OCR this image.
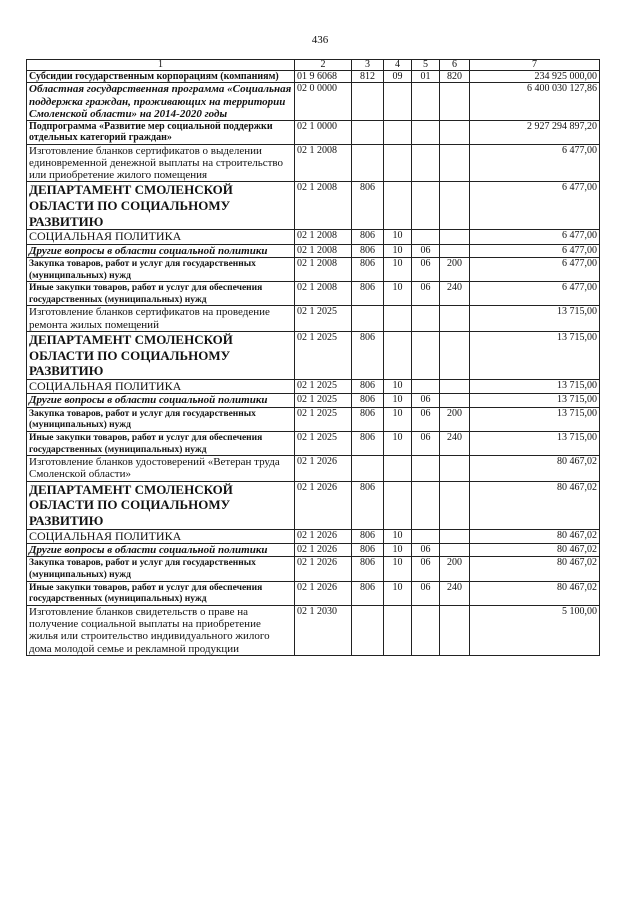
436
1	2	3	4	5	6	7
Субсидии государственным корпорациям (компаниям)	01 9 6068	812	09	01	820	234 925 000,00
Областная государственная программа «Социальная поддержка граждан, проживающих на территории Смоленской области» на 2014-2020 годы	02 0 0000					6 400 030 127,86
Подпрограмма «Развитие мер социальной поддержки отдельных категорий граждан»	02 1 0000					2 927 294 897,20
Изготовление бланков сертификатов о выделении единовременной денежной выплаты на строительство или приобретение жилого помещения	02 1 2008					6 477,00
ДЕПАРТАМЕНТ СМОЛЕНСКОЙ ОБЛАСТИ ПО СОЦИАЛЬНОМУ РАЗВИТИЮ	02 1 2008	806				6 477,00
СОЦИАЛЬНАЯ ПОЛИТИКА	02 1 2008	806	10			6 477,00
Другие вопросы в области социальной политики	02 1 2008	806	10	06		6 477,00
Закупка товаров, работ и услуг для государственных (муниципальных) нужд	02 1 2008	806	10	06	200	6 477,00
Иные закупки товаров, работ и услуг для обеспечения государственных (муниципальных) нужд	02 1 2008	806	10	06	240	6 477,00
Изготовление бланков сертификатов на проведение ремонта жилых помещений	02 1 2025					13 715,00
ДЕПАРТАМЕНТ СМОЛЕНСКОЙ ОБЛАСТИ ПО СОЦИАЛЬНОМУ РАЗВИТИЮ	02 1 2025	806				13 715,00
СОЦИАЛЬНАЯ ПОЛИТИКА	02 1 2025	806	10			13 715,00
Другие вопросы в области социальной политики	02 1 2025	806	10	06		13 715,00
Закупка товаров, работ и услуг для государственных (муниципальных) нужд	02 1 2025	806	10	06	200	13 715,00
Иные закупки товаров, работ и услуг для обеспечения государственных (муниципальных) нужд	02 1 2025	806	10	06	240	13 715,00
Изготовление бланков удостоверений «Ветеран труда Смоленской области»	02 1 2026					80 467,02
ДЕПАРТАМЕНТ СМОЛЕНСКОЙ ОБЛАСТИ ПО СОЦИАЛЬНОМУ РАЗВИТИЮ	02 1 2026	806				80 467,02
СОЦИАЛЬНАЯ ПОЛИТИКА	02 1 2026	806	10			80 467,02
Другие вопросы в области социальной политики	02 1 2026	806	10	06		80 467,02
Закупка товаров, работ и услуг для государственных (муниципальных) нужд	02 1 2026	806	10	06	200	80 467,02
Иные закупки товаров, работ и услуг для обеспечения государственных (муниципальных) нужд	02 1 2026	806	10	06	240	80 467,02
Изготовление бланков свидетельств о праве на получение социальной выплаты на приобретение жилья или строительство индивидуального жилого дома молодой семье и рекламной продукции	02 1 2030					5 100,00
